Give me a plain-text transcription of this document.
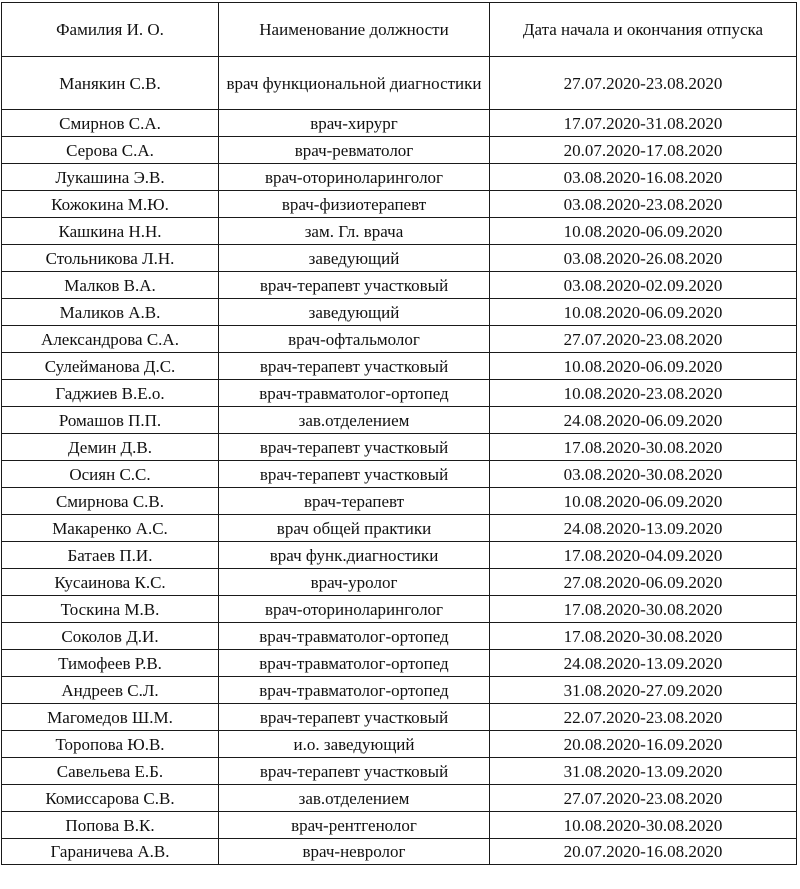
Фамилия И. О.	Наименование должности	Дата начала и окончания отпуска
Манякин С.В.	врач функциональной диагностики	27.07.2020-23.08.2020
Смирнов С.А.	врач-хирург	17.07.2020-31.08.2020
Серова С.А.	врач-ревматолог	20.07.2020-17.08.2020
Лукашина Э.В.	врач-оториноларинголог	03.08.2020-16.08.2020
Кожокина М.Ю.	врач-физиотерапевт	03.08.2020-23.08.2020
Кашкина Н.Н.	зам. Гл. врача	10.08.2020-06.09.2020
Стольникова Л.Н.	заведующий	03.08.2020-26.08.2020
Малков В.А.	врач-терапевт участковый	03.08.2020-02.09.2020
Маликов А.В.	заведующий	10.08.2020-06.09.2020
Александрова С.А.	врач-офтальмолог	27.07.2020-23.08.2020
Сулейманова Д.С.	врач-терапевт участковый	10.08.2020-06.09.2020
Гаджиев В.Е.о.	врач-травматолог-ортопед	10.08.2020-23.08.2020
Ромашов П.П.	зав.отделением	24.08.2020-06.09.2020
Демин Д.В.	врач-терапевт участковый	17.08.2020-30.08.2020
Осиян С.С.	врач-терапевт участковый	03.08.2020-30.08.2020
Смирнова С.В.	врач-терапевт	10.08.2020-06.09.2020
Макаренко А.С.	врач общей практики	24.08.2020-13.09.2020
Батаев П.И.	врач функ.диагностики	17.08.2020-04.09.2020
Кусаинова К.С.	врач-уролог	27.08.2020-06.09.2020
Тоскина М.В.	врач-оториноларинголог	17.08.2020-30.08.2020
Соколов Д.И.	врач-травматолог-ортопед	17.08.2020-30.08.2020
Тимофеев Р.В.	врач-травматолог-ортопед	24.08.2020-13.09.2020
Андреев С.Л.	врач-травматолог-ортопед	31.08.2020-27.09.2020
Магомедов Ш.М.	врач-терапевт участковый	22.07.2020-23.08.2020
Торопова Ю.В.	и.о. заведующий	20.08.2020-16.09.2020
Савельева Е.Б.	врач-терапевт участковый	31.08.2020-13.09.2020
Комиссарова С.В.	зав.отделением	27.07.2020-23.08.2020
Попова В.К.	врач-рентгенолог	10.08.2020-30.08.2020
Гараничева А.В.	врач-невролог	20.07.2020-16.08.2020
